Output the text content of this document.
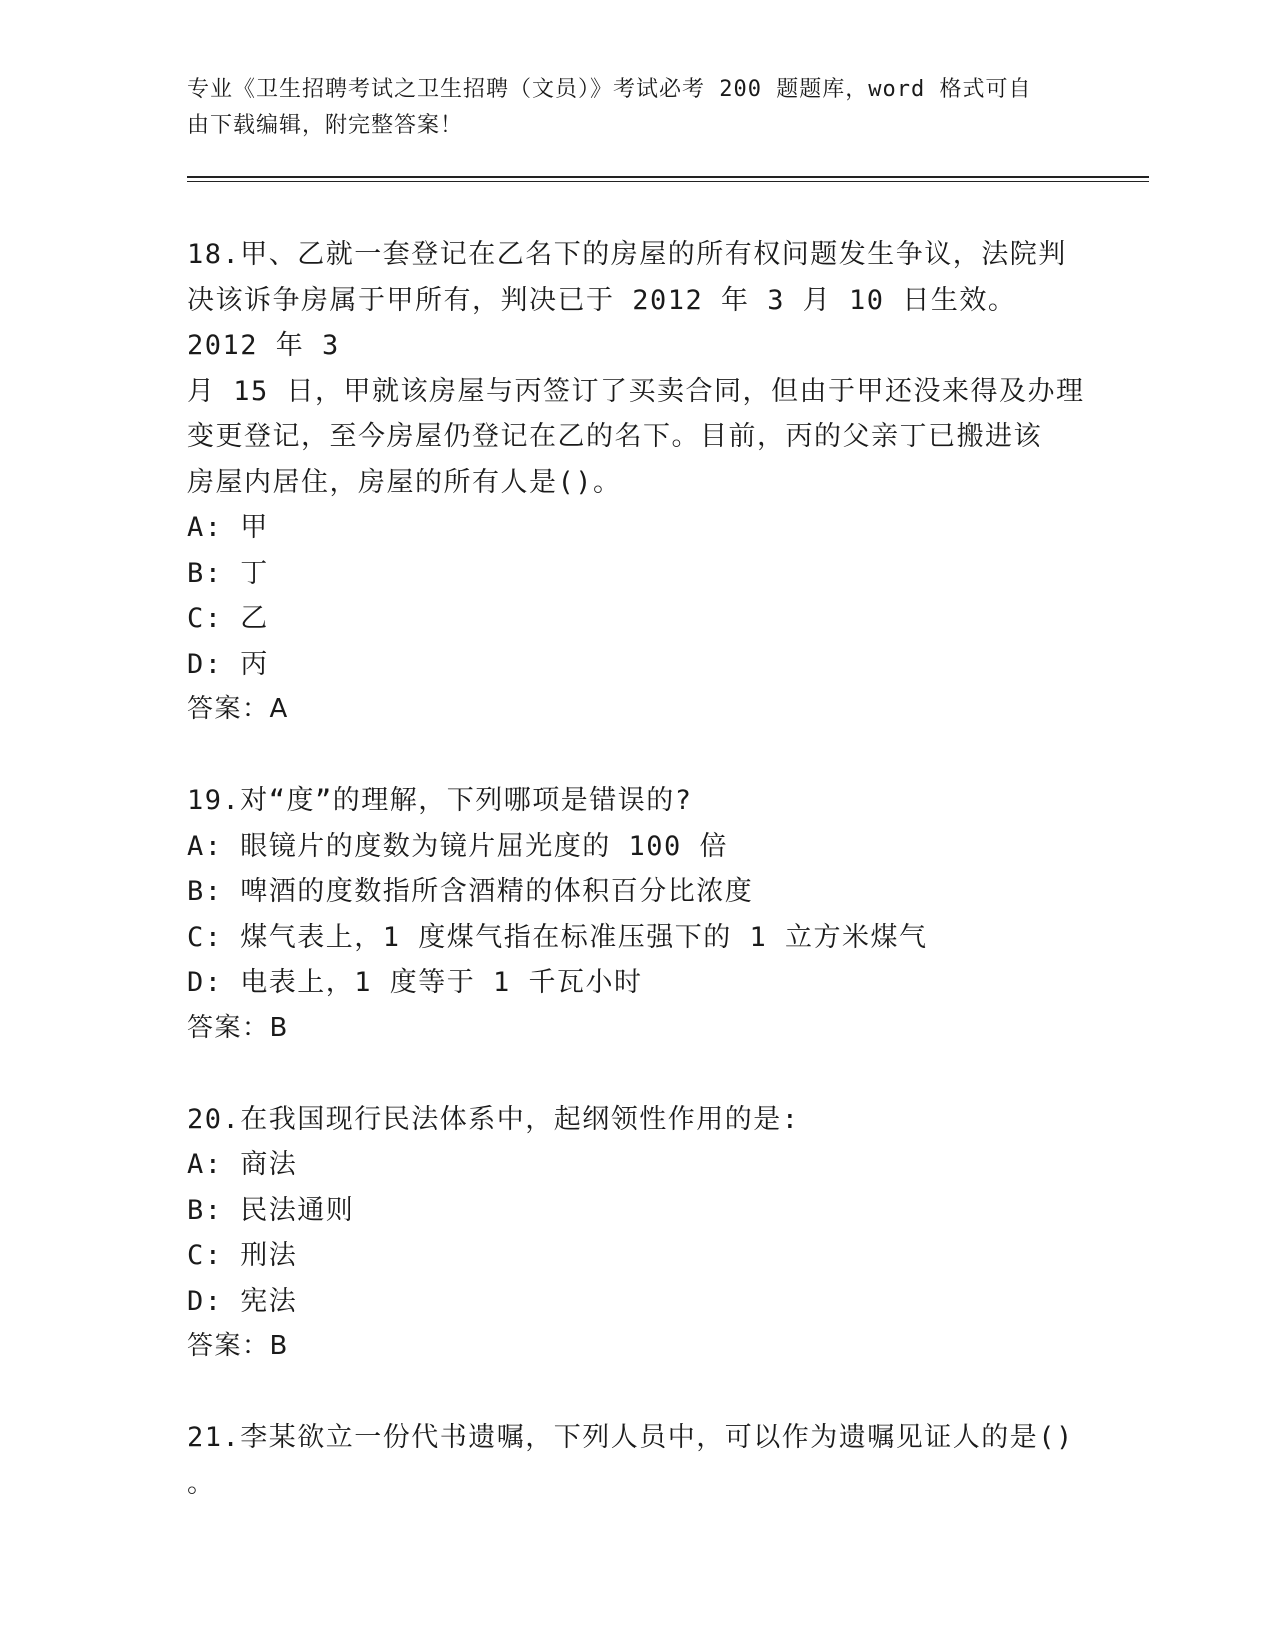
专业《卫生招聘考试之卫生招聘（文员）》考试必考 200 题题库，word 格式可自
由下载编辑，附完整答案！
18.甲、乙就一套登记在乙名下的房屋的所有权问题发生争议，法院判
决该诉争房属于甲所有，判决已于 2012 年 3 月 10 日生效。2012 年 3
月 15 日，甲就该房屋与丙签订了买卖合同，但由于甲还没来得及办理
变更登记，至今房屋仍登记在乙的名下。目前，丙的父亲丁已搬进该
房屋内居住，房屋的所有人是()。
A: 甲
B: 丁
C: 乙
D: 丙
答案：A
19.对“度”的理解，下列哪项是错误的?
A: 眼镜片的度数为镜片屈光度的 100 倍
B: 啤酒的度数指所含酒精的体积百分比浓度
C: 煤气表上，1 度煤气指在标准压强下的 1 立方米煤气
D: 电表上，1 度等于 1 千瓦小时
答案：B
20.在我国现行民法体系中，起纲领性作用的是:
A: 商法
B: 民法通则
C: 刑法
D: 宪法
答案：B
21.李某欲立一份代书遗嘱，下列人员中，可以作为遗嘱见证人的是()
。
